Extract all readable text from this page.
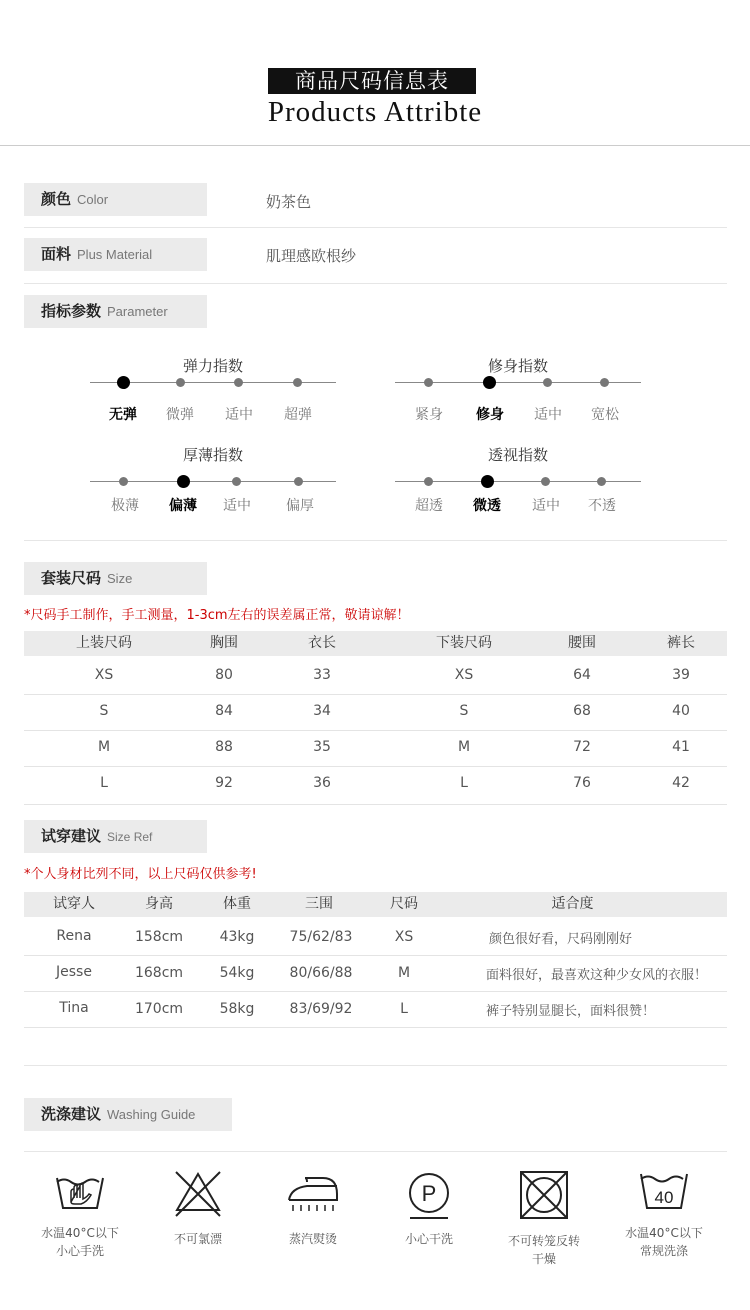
商品尺码信息表
Products Attribte
颜色 Color	奶茶色
面料 Plus Material	肌理感欧根纱
指标参数 Parameter
弹力指数
无弹	微弹	适中	超弹
修身指数
紧身	修身	适中	宽松
厚薄指数
极薄	偏薄	适中	偏厚
透视指数
超透	微透	适中	不透
套装尺码 Size
*尺码手工制作，手工测量，1-3cm左右的误差属正常，敬请谅解！
上装尺码	胸围	衣长	下装尺码	腰围	裤长
XS	80	33	XS	64	39
S	84	34	S	68	40
M	88	35	M	72	41
L	92	36	L	76	42
试穿建议 Size Ref
*个人身材比列不同，以上尺码仅供参考!
试穿人	身高	体重	三围	尺码	适合度
Rena	158cm	43kg	75/62/83	XS	颜色很好看，尺码刚刚好
Jesse	168cm	54kg	80/66/88	M	面料很好，最喜欢这种少女风的衣服！
Tina	170cm	58kg	83/69/92	L	裤子特别显腿长，面料很赞！
洗涤建议 Washing Guide
水温40°C以下
小心手洗
不可氯漂	蒸汽熨烫

P
小心干洗	不可转笼反转
干燥
40
水温40°C以下
常规洗涤
